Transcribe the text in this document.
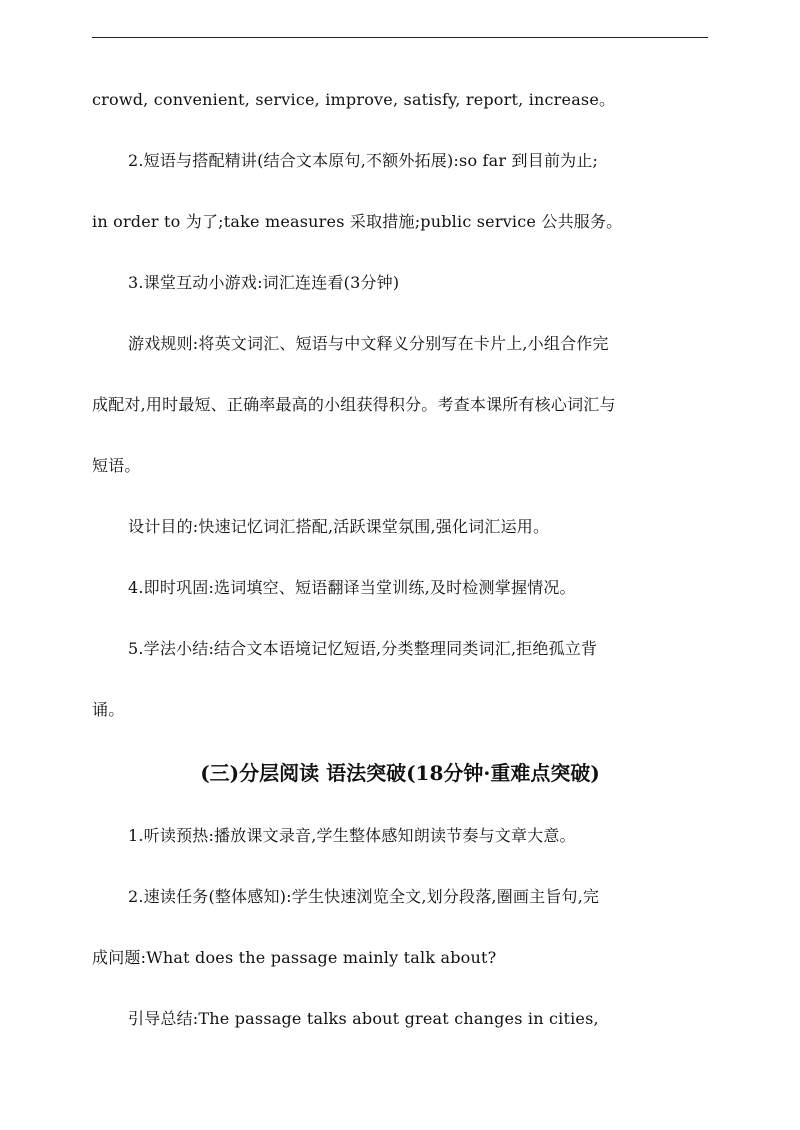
crowd, convenient, service, improve, satisfy, report, increase。
2.短语与搭配精讲(结合文本原句,不额外拓展):so far 到目前为止;
in order to 为了;take measures 采取措施;public service 公共服务。
3.课堂互动小游戏:词汇连连看(3分钟)
游戏规则:将英文词汇、短语与中文释义分别写在卡片上,小组合作完
成配对,用时最短、正确率最高的小组获得积分。考查本课所有核心词汇与
短语。
设计目的:快速记忆词汇搭配,活跃课堂氛围,强化词汇运用。
4.即时巩固:选词填空、短语翻译当堂训练,及时检测掌握情况。
5.学法小结:结合文本语境记忆短语,分类整理同类词汇,拒绝孤立背
诵。
(三)分层阅读 语法突破(18分钟·重难点突破)
1.听读预热:播放课文录音,学生整体感知朗读节奏与文章大意。
2.速读任务(整体感知):学生快速浏览全文,划分段落,圈画主旨句,完
成问题:What does the passage mainly talk about?
引导总结:The passage talks about great changes in cities,
